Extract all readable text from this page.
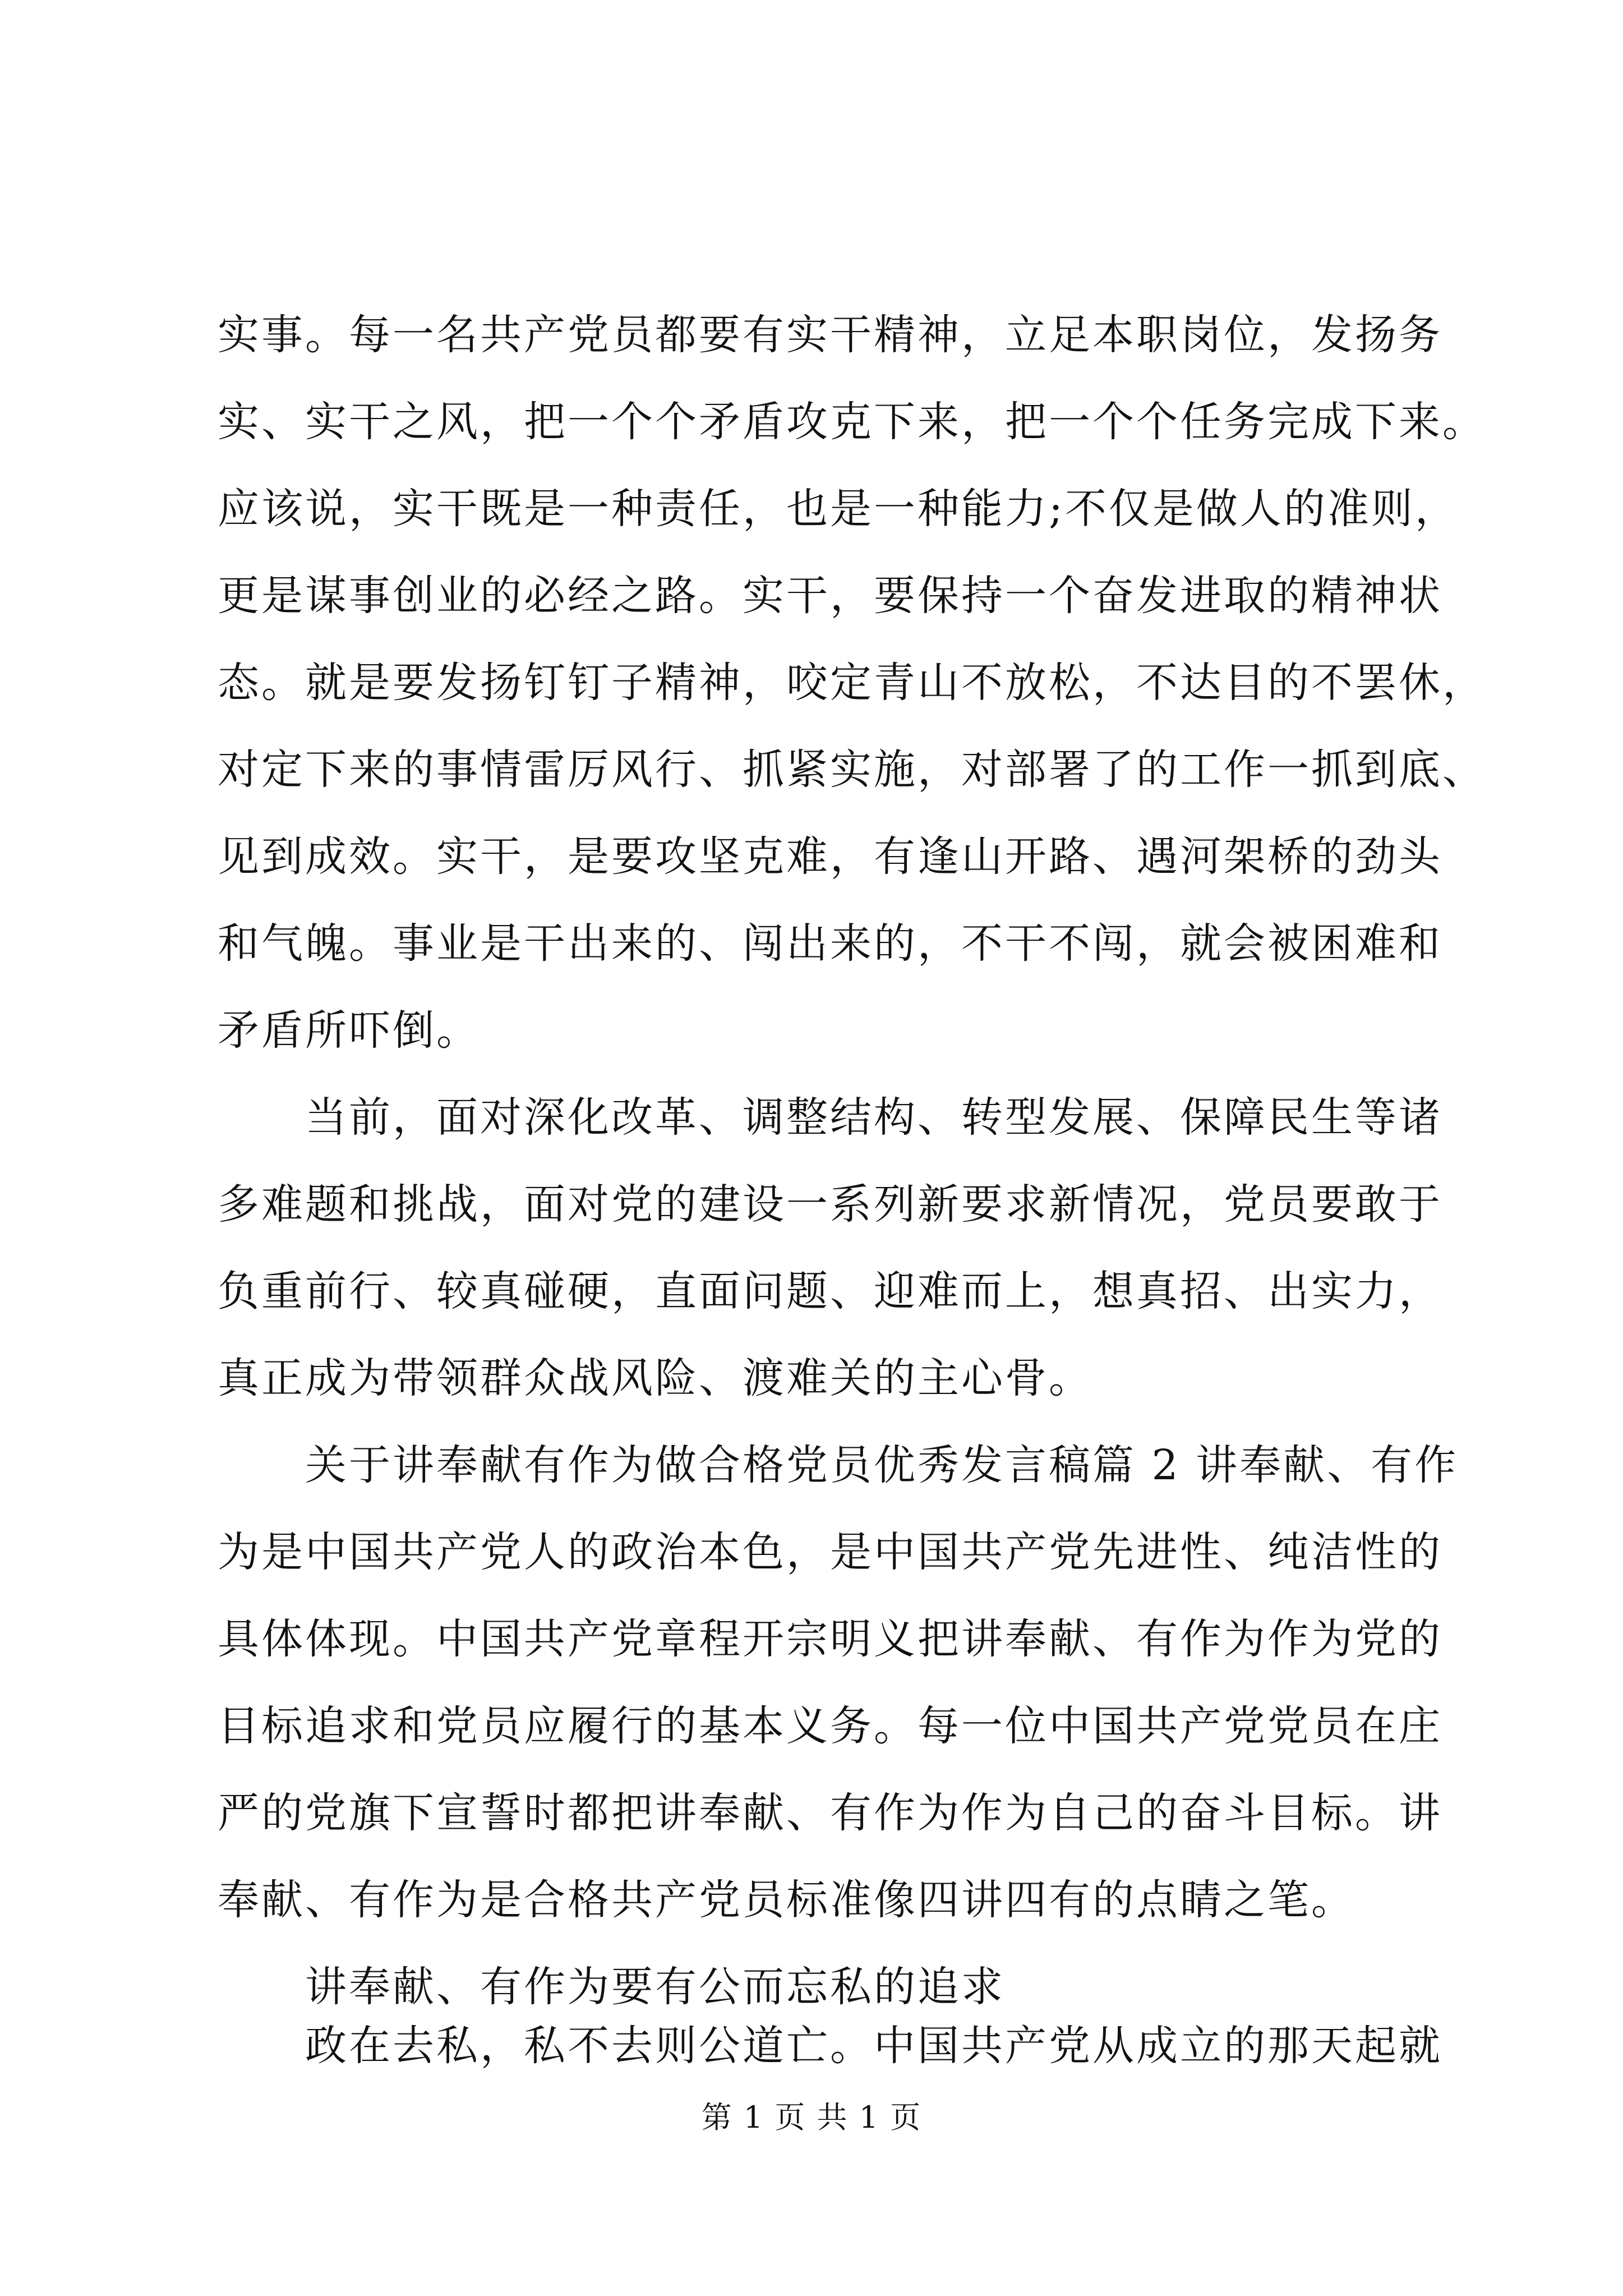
实事。每一名共产党员都要有实干精神，立足本职岗位，发扬务
实、实干之风，把一个个矛盾攻克下来，把一个个任务完成下来。
应该说，实干既是一种责任，也是一种能力;不仅是做人的准则，
更是谋事创业的必经之路。实干，要保持一个奋发进取的精神状
态。就是要发扬钉钉子精神，咬定青山不放松，不达目的不罢休，
对定下来的事情雷厉风行、抓紧实施，对部署了的工作一抓到底、
见到成效。实干，是要攻坚克难，有逢山开路、遇河架桥的劲头
和气魄。事业是干出来的、闯出来的，不干不闯，就会被困难和
矛盾所吓倒。
当前，面对深化改革、调整结构、转型发展、保障民生等诸
多难题和挑战，面对党的建设一系列新要求新情况，党员要敢于
负重前行、较真碰硬，直面问题、迎难而上，想真招、出实力，
真正成为带领群众战风险、渡难关的主心骨。
关于讲奉献有作为做合格党员优秀发言稿篇 2 讲奉献、有作
为是中国共产党人的政治本色，是中国共产党先进性、纯洁性的
具体体现。中国共产党章程开宗明义把讲奉献、有作为作为党的
目标追求和党员应履行的基本义务。每一位中国共产党党员在庄
严的党旗下宣誓时都把讲奉献、有作为作为自己的奋斗目标。讲
奉献、有作为是合格共产党员标准像四讲四有的点睛之笔。
讲奉献、有作为要有公而忘私的追求
政在去私，私不去则公道亡。中国共产党从成立的那天起就
第 1 页 共 1 页
